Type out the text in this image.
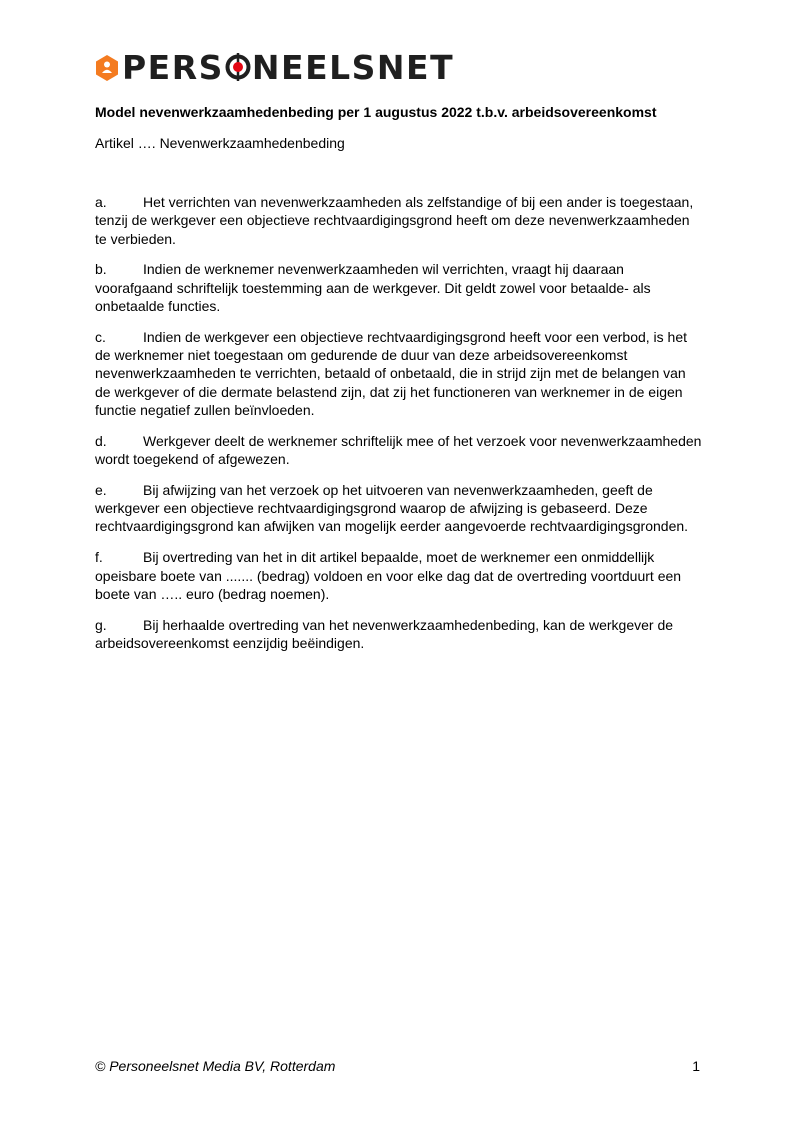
PERS NEELSNET
Model nevenwerkzaamhedenbeding per 1 augustus 2022 t.b.v. arbeidsovereenkomst
Artikel …. Nevenwerkzaamhedenbeding
a.	Het verrichten van nevenwerkzaamheden als zelfstandige of bij een ander is toegestaan, tenzij de werkgever een objectieve rechtvaardigingsgrond heeft om deze nevenwerkzaamheden te verbieden.
b.	Indien de werknemer nevenwerkzaamheden wil verrichten, vraagt hij daaraan voorafgaand schriftelijk toestemming aan de werkgever. Dit geldt zowel voor betaalde- als onbetaalde functies.
c.	Indien de werkgever een objectieve rechtvaardigingsgrond heeft voor een verbod, is het de werknemer niet toegestaan om gedurende de duur van deze arbeidsovereenkomst nevenwerkzaamheden te verrichten, betaald of onbetaald, die in strijd zijn met de belangen van de werkgever of die dermate belastend zijn, dat zij het functioneren van werknemer in de eigen functie negatief zullen beïnvloeden.
d.	Werkgever deelt de werknemer schriftelijk mee of het verzoek voor nevenwerkzaamheden wordt toegekend of afgewezen.
e.	Bij afwijzing van het verzoek op het uitvoeren van nevenwerkzaamheden, geeft de werkgever een objectieve rechtvaardigingsgrond waarop de afwijzing is gebaseerd. Deze rechtvaardigingsgrond kan afwijken van mogelijk eerder aangevoerde rechtvaardigingsgronden.
f.	Bij overtreding van het in dit artikel bepaalde, moet de werknemer een onmiddellijk opeisbare boete van ....... (bedrag) voldoen en voor elke dag dat de overtreding voortduurt een boete van ….. euro (bedrag noemen).
g.	Bij herhaalde overtreding van het nevenwerkzaamhedenbeding, kan de werkgever de arbeidsovereenkomst eenzijdig beëindigen.
© Personeelsnet Media BV, Rotterdam	1
